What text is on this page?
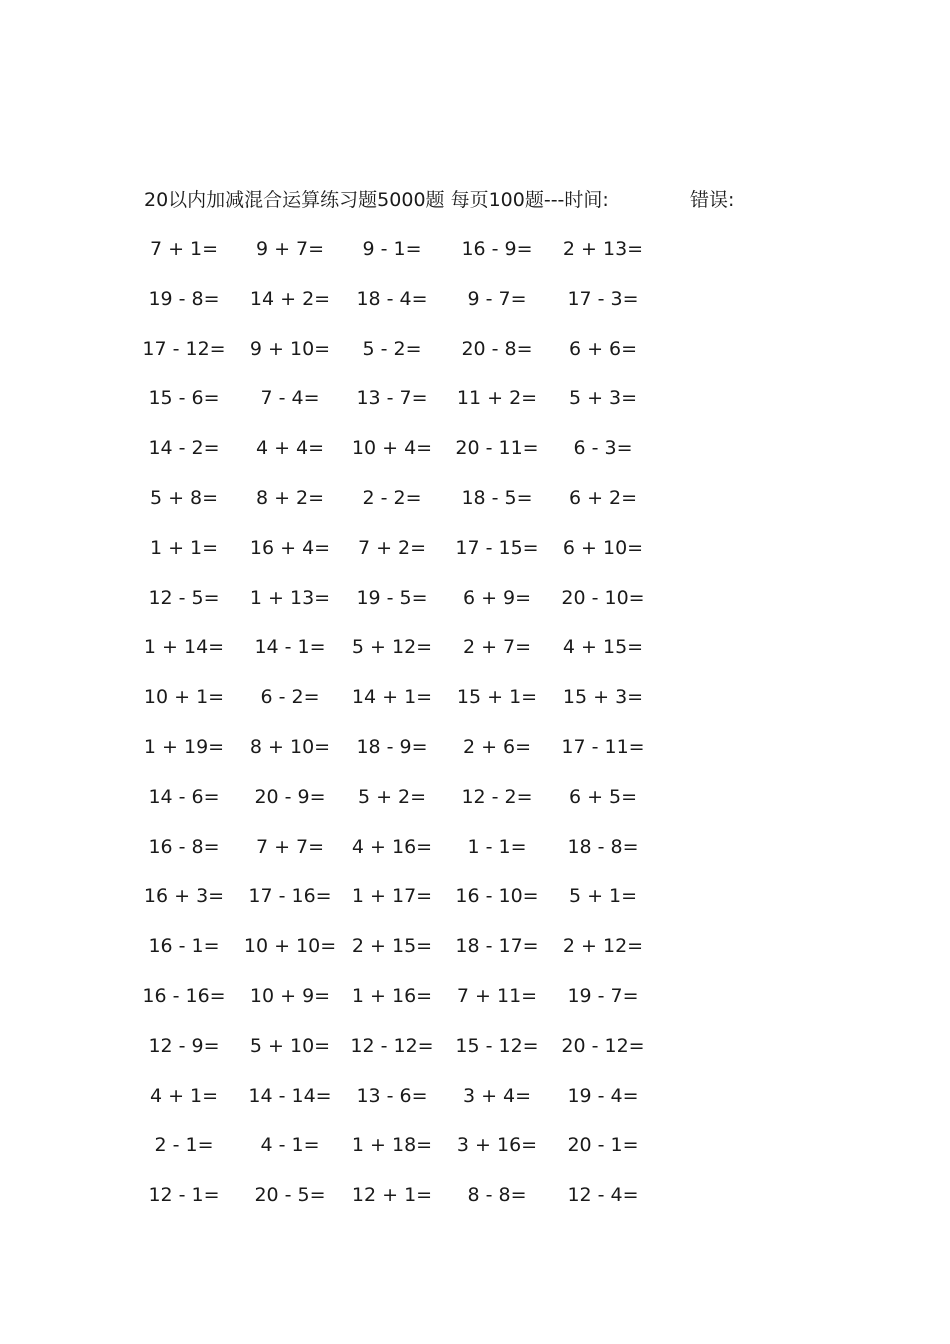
20以内加减混合运算练习题5000题 每页100题---时间:	错误:
7 + 1= 9 + 7= 9 - 1= 16 - 9= 2 + 13=
19 - 8= 14 + 2= 18 - 4= 9 - 7= 17 - 3=
17 - 12= 9 + 10= 5 - 2= 20 - 8= 6 + 6=
15 - 6= 7 - 4= 13 - 7= 11 + 2= 5 + 3=
14 - 2= 4 + 4= 10 + 4= 20 - 11= 6 - 3=
5 + 8= 8 + 2= 2 - 2= 18 - 5= 6 + 2=
1 + 1= 16 + 4= 7 + 2= 17 - 15= 6 + 10=
12 - 5= 1 + 13= 19 - 5= 6 + 9= 20 - 10=
1 + 14= 14 - 1= 5 + 12= 2 + 7= 4 + 15=
10 + 1= 6 - 2= 14 + 1= 15 + 1= 15 + 3=
1 + 19= 8 + 10= 18 - 9= 2 + 6= 17 - 11=
14 - 6= 20 - 9= 5 + 2= 12 - 2= 6 + 5=
16 - 8= 7 + 7= 4 + 16= 1 - 1= 18 - 8=
16 + 3= 17 - 16= 1 + 17= 16 - 10= 5 + 1=
16 - 1= 10 + 10= 2 + 15= 18 - 17= 2 + 12=
16 - 16= 10 + 9= 1 + 16= 7 + 11= 19 - 7=
12 - 9= 5 + 10= 12 - 12= 15 - 12= 20 - 12=
4 + 1= 14 - 14= 13 - 6= 3 + 4= 19 - 4=
2 - 1= 4 - 1= 1 + 18= 3 + 16= 20 - 1=
12 - 1= 20 - 5= 12 + 1= 8 - 8= 12 - 4=
